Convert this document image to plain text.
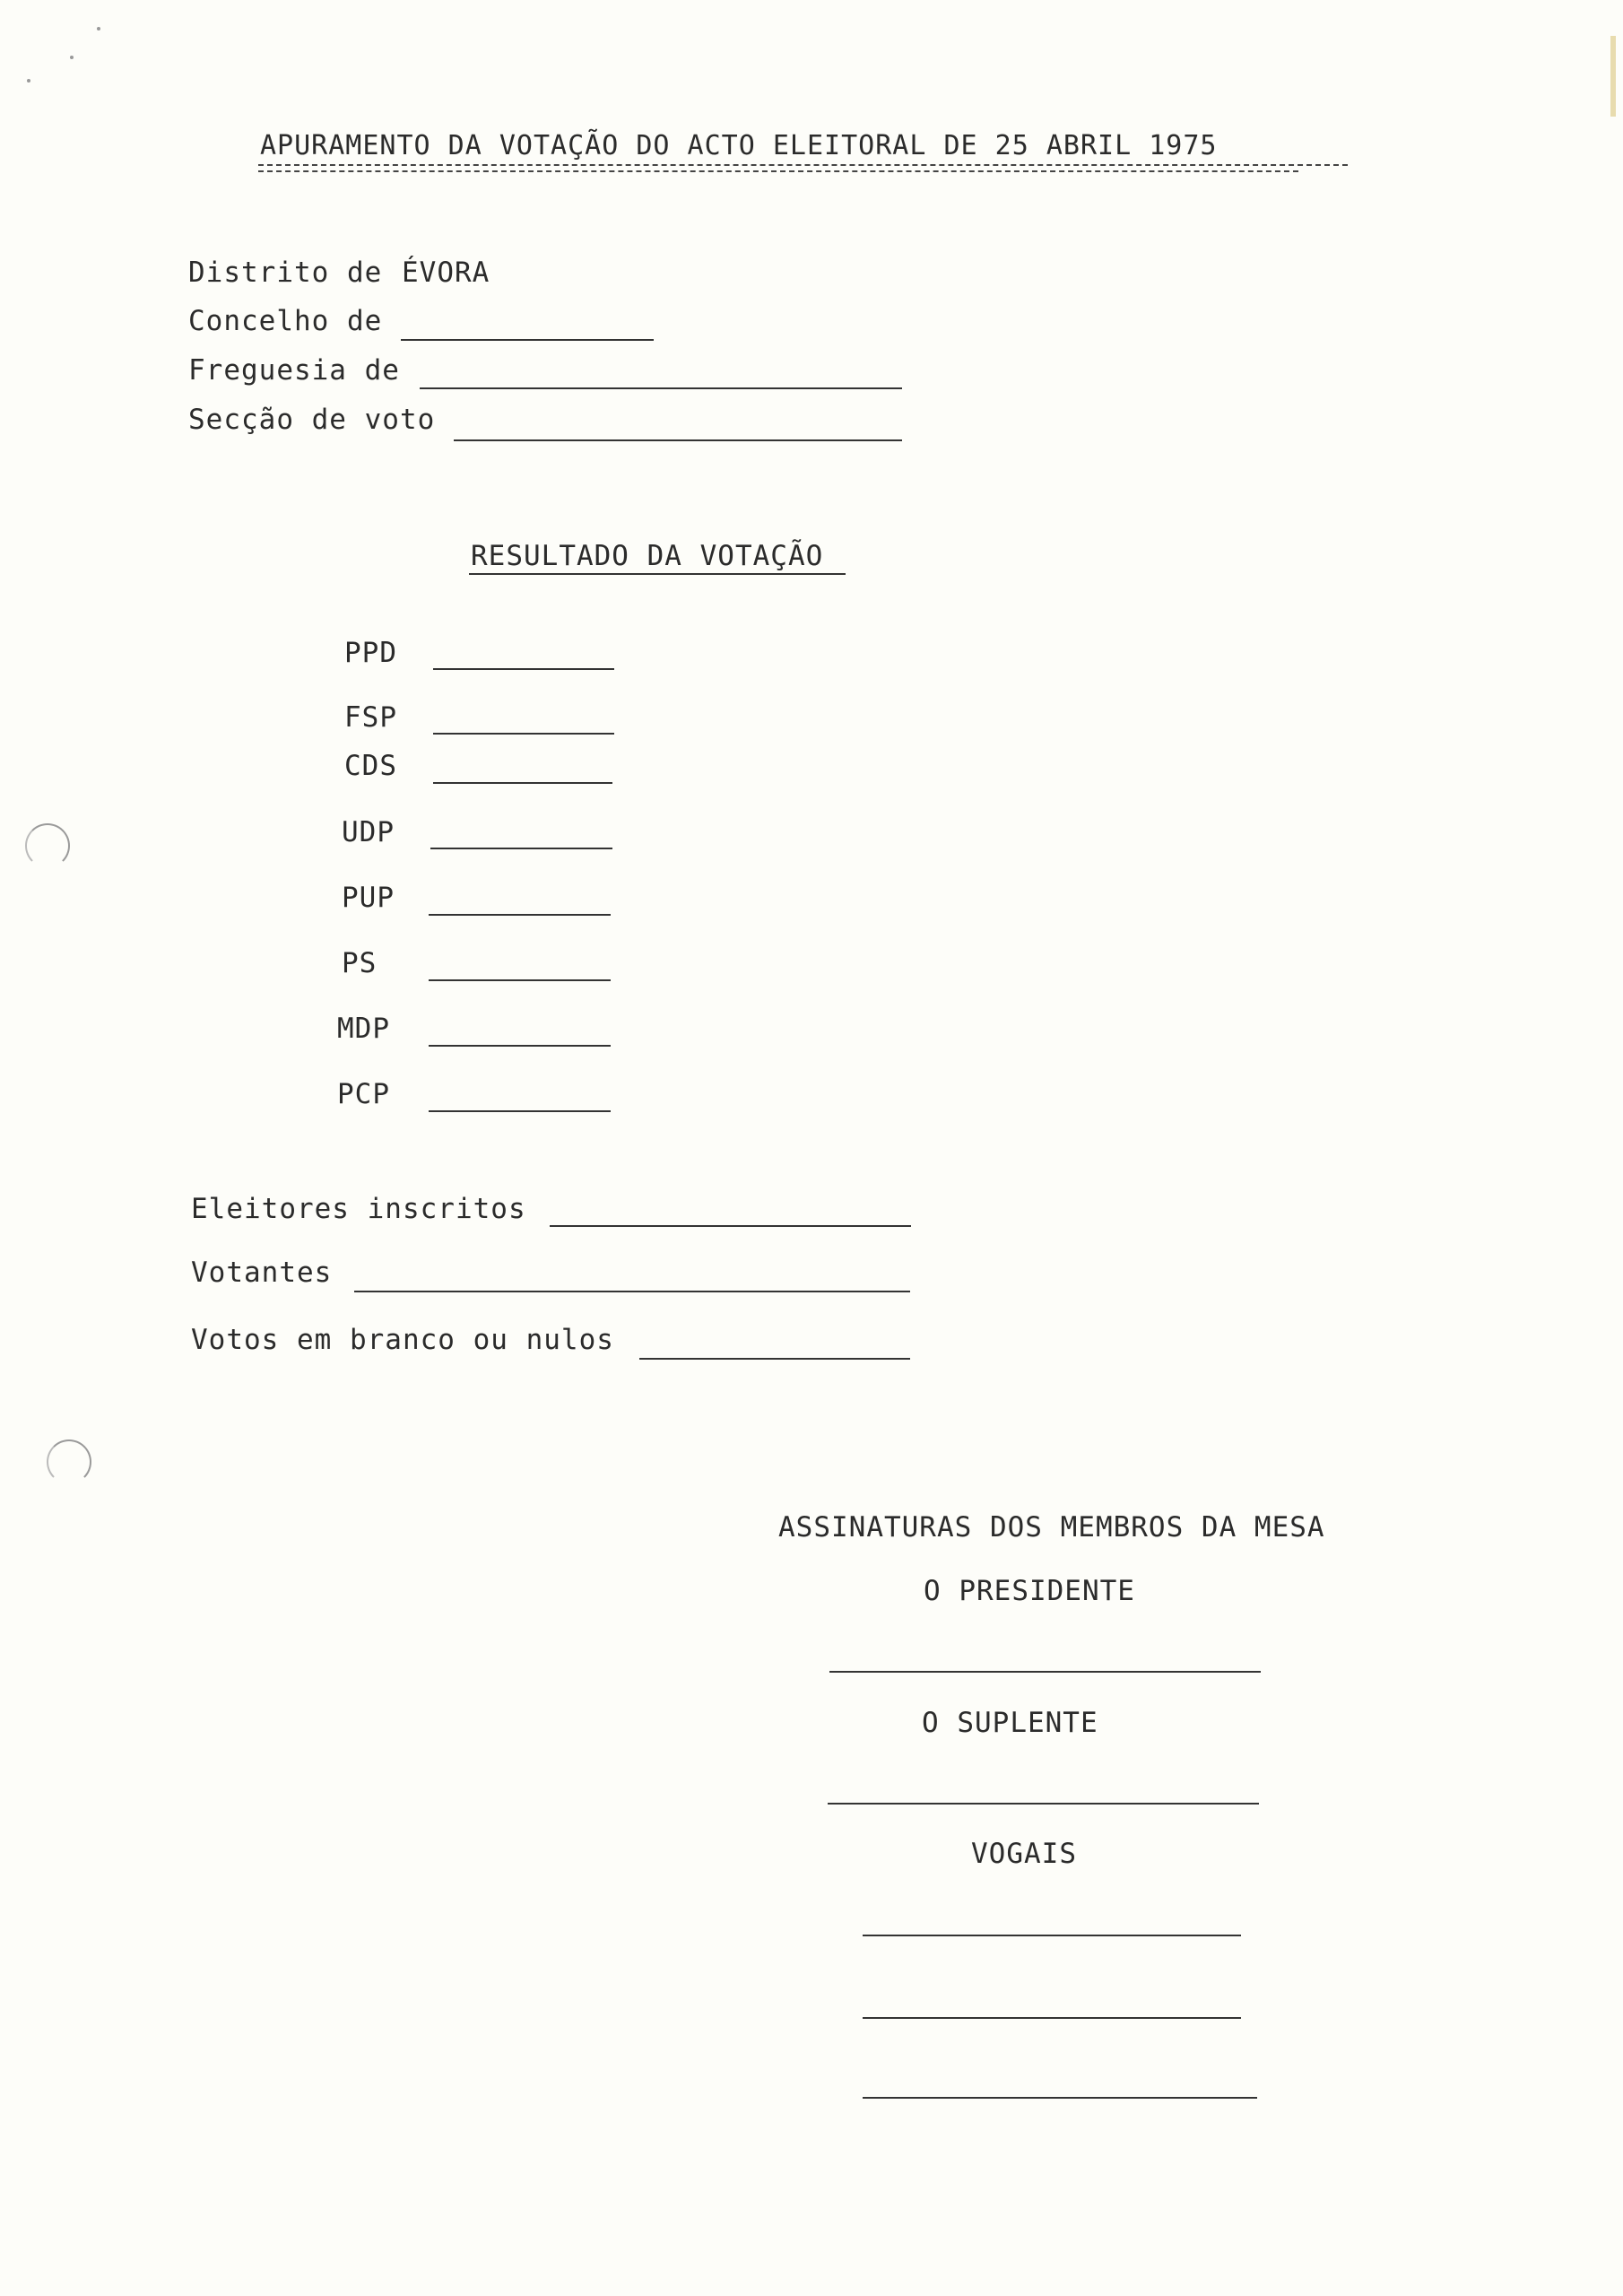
APURAMENTO DA VOTAÇÃO DO ACTO ELEITORAL DE 25 ABRIL 1975
Distrito de ÉVORA
Concelho de
Freguesia de
Secção de voto
RESULTADO DA VOTAÇÃO
PPD
FSP
CDS
UDP
PUP
PS
MDP
PCP
Eleitores inscritos
Votantes
Votos em branco ou nulos
ASSINATURAS DOS MEMBROS DA MESA
O PRESIDENTE
O SUPLENTE
VOGAIS
